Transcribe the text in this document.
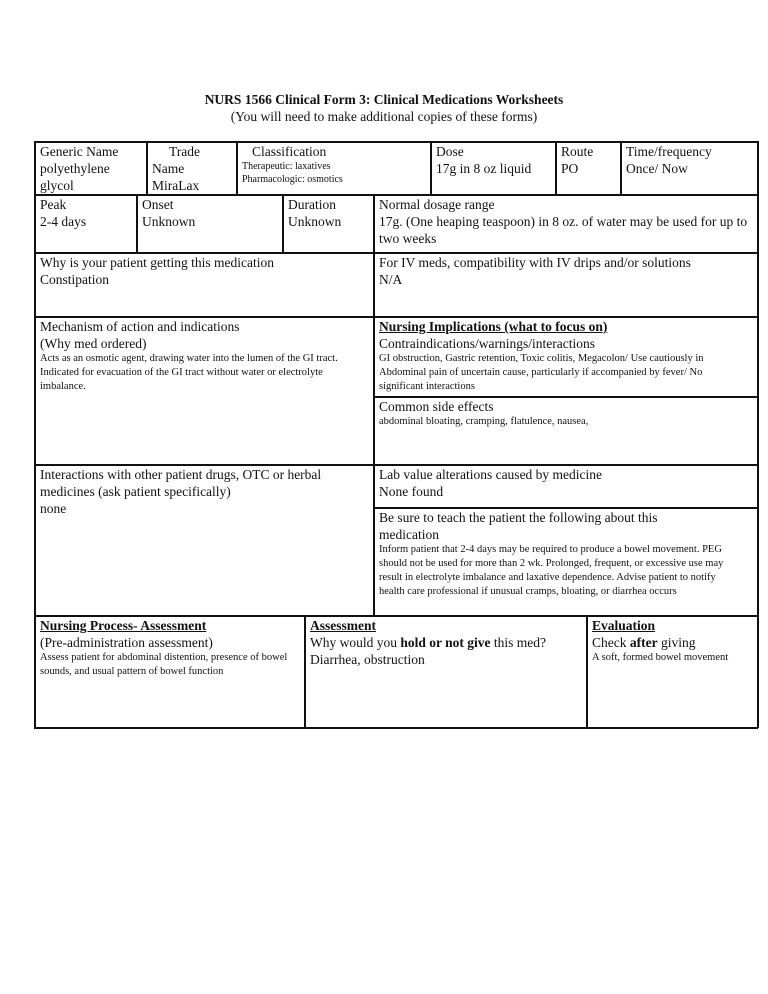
NURS 1566 Clinical Form 3: Clinical Medications Worksheets
(You will need to make additional copies of these forms)
Generic Name
polyethylene
glycol
Trade
Name
MiraLax
Classification
Therapeutic: laxatives
Pharmacologic: osmotics
Dose
17g in 8 oz liquid
Route
PO
Time/frequency
Once/ Now
Peak
2-4 days
Onset
Unknown
Duration
Unknown
Normal dosage range
17g. (One heaping teaspoon) in 8 oz. of water may be used for up to two weeks
Why is your patient getting this medication
Constipation
For IV meds, compatibility with IV drips and/or solutions
N/A
Mechanism of action and indications
(Why med ordered)
Acts as an osmotic agent, drawing water into the lumen of the GI tract. Indicated for evacuation of the GI tract without water or electrolyte imbalance.
Nursing Implications (what to focus on)
Contraindications/warnings/interactions
GI obstruction, Gastric retention, Toxic colitis, Megacolon/ Use cautiously in Abdominal pain of uncertain cause, particularly if accompanied by fever/ No significant interactions
Common side effects
abdominal bloating, cramping, flatulence, nausea,
Interactions with other patient drugs, OTC or herbal medicines (ask patient specifically)
none
Lab value alterations caused by medicine
None found
Be sure to teach the patient the following about this medication
Inform patient that 2-4 days may be required to produce a bowel movement. PEG should not be used for more than 2 wk. Prolonged, frequent, or excessive use may result in electrolyte imbalance and laxative dependence. Advise patient to notify health care professional if unusual cramps, bloating, or diarrhea occurs
Nursing Process- Assessment
(Pre-administration assessment)
Assess patient for abdominal distention, presence of bowel sounds, and usual pattern of bowel function
Assessment
Why would you hold or not give this med?
Diarrhea, obstruction
Evaluation
Check after giving
A soft, formed bowel movement
